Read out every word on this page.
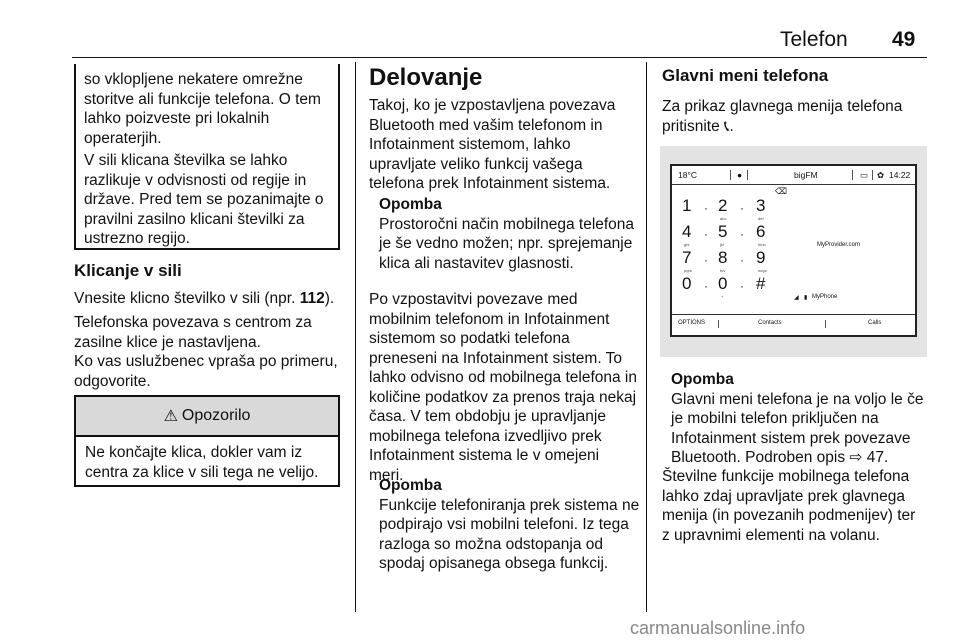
Telefon 49

so vklopljene nekatere omrežne storitve ali funkcije telefona. O tem lahko poizveste pri lokalnih operaterjih.

V sili klicana številka se lahko razlikuje v odvisnosti od regije in države. Pred tem se pozanimajte o pravilni zasilno klicani številki za ustrezno regijo.

Klicanje v sili

Vnesite klicno številko v sili (npr. 112).

Telefonska povezava s centrom za zasilne klice je nastavljena.

Ko vas uslužbenec vpraša po primeru, odgovorite.

⚠ Opozorilo

Ne končajte klica, dokler vam iz centra za klice v sili tega ne velijo.

Delovanje

Takoj, ko je vzpostavljena povezava Bluetooth med vašim telefonom in Infotainment sistemom, lahko upravljate veliko funkcij vašega telefona prek Infotainment sistema.

Opomba
Prostoročni način mobilnega telefona je še vedno možen; npr. sprejemanje klica ali nastavitev glasnosti.

Po vzpostavitvi povezave med mobilnim telefonom in Infotainment sistemom so podatki telefona preneseni na Infotainment sistem. To lahko odvisno od mobilnega telefona in količine podatkov za prenos traja nekaj časa. V tem obdobju je upravljanje mobilnega telefona izvedljivo prek Infotainment sistema le v omejeni meri.

Opomba
Funkcije telefoniranja prek sistema ne podpirajo vsi mobilni telefoni. Iz tega razloga so možna odstopanja od spodaj opisanega obsega funkcij.
Glavni meni telefona

Za prikaz glavnega menija telefona pritisnite 📞︎.

18°C	●	bigFM	▭ ✿ 14:22
⌫
1 · 2
abc
· 3
def
4
ghi
· 5
jkl
· 6
mno
7
pqrs
· 8
tuv
· 9
wxyz
0 · 0
+
· #
MyProvider.com
◢ ▮ MyPhone
OPTIONS	Contacts	Calls
Opomba
Glavni meni telefona je na voljo le če je mobilni telefon priključen na Infotainment sistem prek povezave Bluetooth. Podroben opis ⇨ 47.

Številne funkcije mobilnega telefona lahko zdaj upravljate prek glavnega menija (in povezanih podmenijev) ter z upravnimi elementi na volanu.

carmanualsonline.info
